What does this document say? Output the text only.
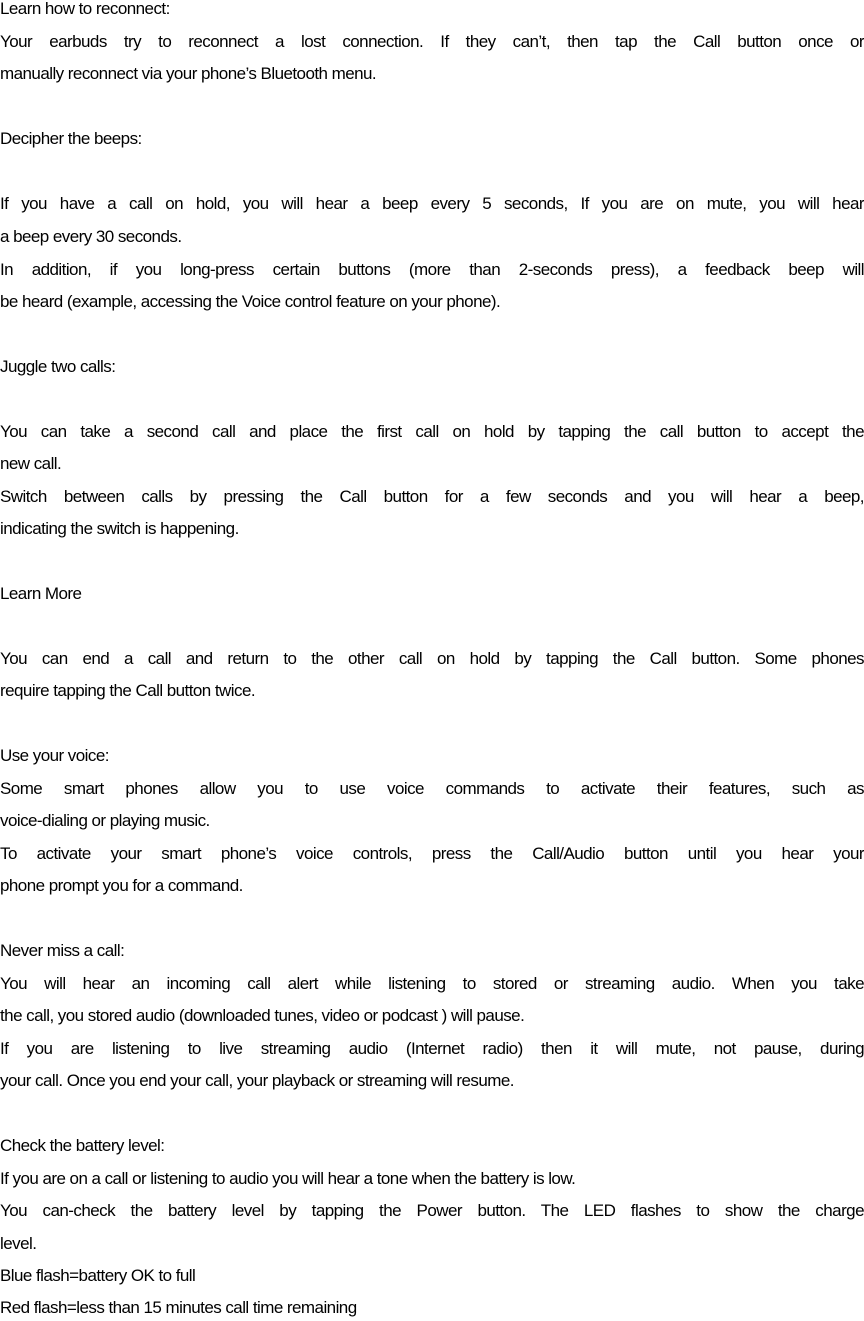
Learn how to reconnect:
Your earbuds try to reconnect a lost connection. If they can’t, then tap the Call button once or
manually reconnect via your phone’s Bluetooth menu.
Decipher the beeps:
If you have a call on hold, you will hear a beep every 5 seconds, If you are on mute, you will hear
a beep every 30 seconds.
In addition, if you long-press certain buttons (more than 2-seconds press), a feedback beep will
be heard (example, accessing the Voice control feature on your phone).
Juggle two calls:
You can take a second call and place the first call on hold by tapping the call button to accept the
new call.
Switch between calls by pressing the Call button for a few seconds and you will hear a beep,
indicating the switch is happening.
Learn More
You can end a call and return to the other call on hold by tapping the Call button. Some phones
require tapping the Call button twice.
Use your voice:
Some smart phones allow you to use voice commands to activate their features, such as
voice-dialing or playing music.
To activate your smart phone’s voice controls, press the Call/Audio button until you hear your
phone prompt you for a command.
Never miss a call:
You will hear an incoming call alert while listening to stored or streaming audio. When you take
the call, you stored audio (downloaded tunes, video or podcast ) will pause.
If you are listening to live streaming audio (Internet radio) then it will mute, not pause, during
your call. Once you end your call, your playback or streaming will resume.
Check the battery level:
If you are on a call or listening to audio you will hear a tone when the battery is low.
You can-check the battery level by tapping the Power button. The LED flashes to show the charge
level.
Blue flash=battery OK to full
Red flash=less than 15 minutes call time remaining
